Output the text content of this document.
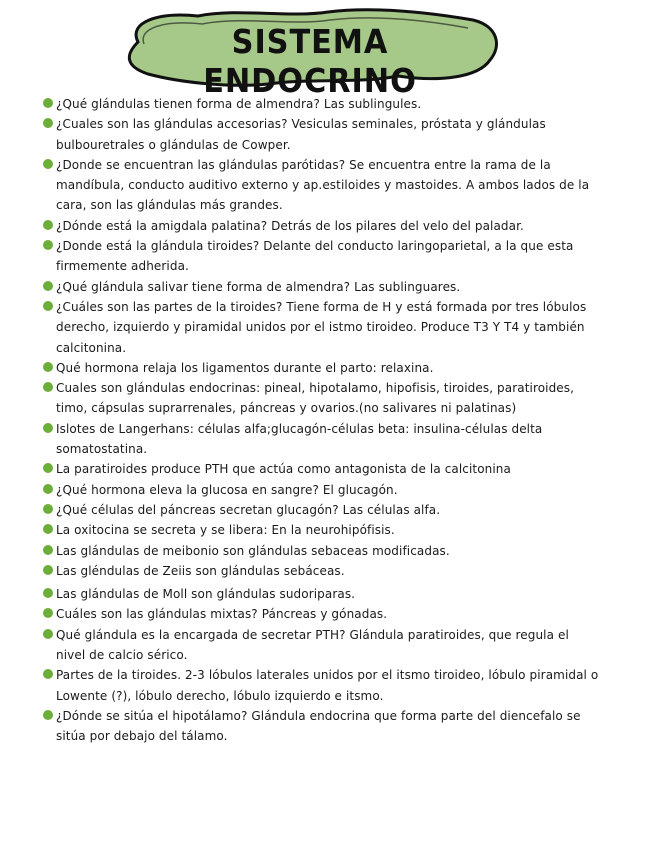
SISTEMA ENDOCRINO
¿Qué glándulas tienen forma de almendra? Las sublingules.
¿Cuales son las glándulas accesorias? Vesiculas seminales, próstata y glándulas bulbouretrales o glándulas de Cowper.
¿Donde se encuentran las glándulas parótidas? Se encuentra entre la rama de la mandíbula, conducto auditivo externo y ap.estiloides y mastoides. A ambos lados de la cara, son las glándulas más grandes.
¿Dónde está la amigdala palatina? Detrás de los pilares del velo del paladar.
¿Donde está la glándula tiroides? Delante del conducto laringoparietal, a la que esta firmemente adherida.
¿Qué glándula salivar tiene forma de almendra? Las sublinguares.
¿Cuáles son las partes de la tiroides? Tiene forma de H y está formada por tres lóbulos derecho, izquierdo y piramidal unidos por el istmo tiroideo. Produce T3 Y T4 y también calcitonina.
Qué hormona relaja los ligamentos durante el parto: relaxina.
Cuales son glándulas endocrinas: pineal, hipotalamo, hipofisis, tiroides, paratiroides, timo, cápsulas suprarrenales, páncreas y ovarios.(no salivares ni palatinas)
Islotes de Langerhans: células alfa;glucagón-células beta: insulina-células delta somatostatina.
La paratiroides produce PTH que actúa como antagonista de la calcitonina
¿Qué hormona eleva la glucosa en sangre? El glucagón.
¿Qué células del páncreas secretan glucagón? Las células alfa.
La oxitocina se secreta y se libera: En la neurohipófisis.
Las glándulas de meibonio son glándulas sebaceas modificadas.
Las gléndulas de Zeiis son glándulas sebáceas.
Las glándulas de Moll son glándulas sudoriparas.
Cuáles son las glándulas mixtas? Páncreas y gónadas.
Qué glándula es la encargada de secretar PTH? Glándula paratiroides, que regula el nivel de calcio sérico.
Partes de la tiroides. 2-3 lóbulos laterales unidos por el itsmo tiroideo, lóbulo piramidal o Lowente (?), lóbulo derecho, lóbulo izquierdo e itsmo.
¿Dónde se sitúa el hipotálamo? Glándula endocrina que forma parte del diencefalo se sitúa por debajo del tálamo.
